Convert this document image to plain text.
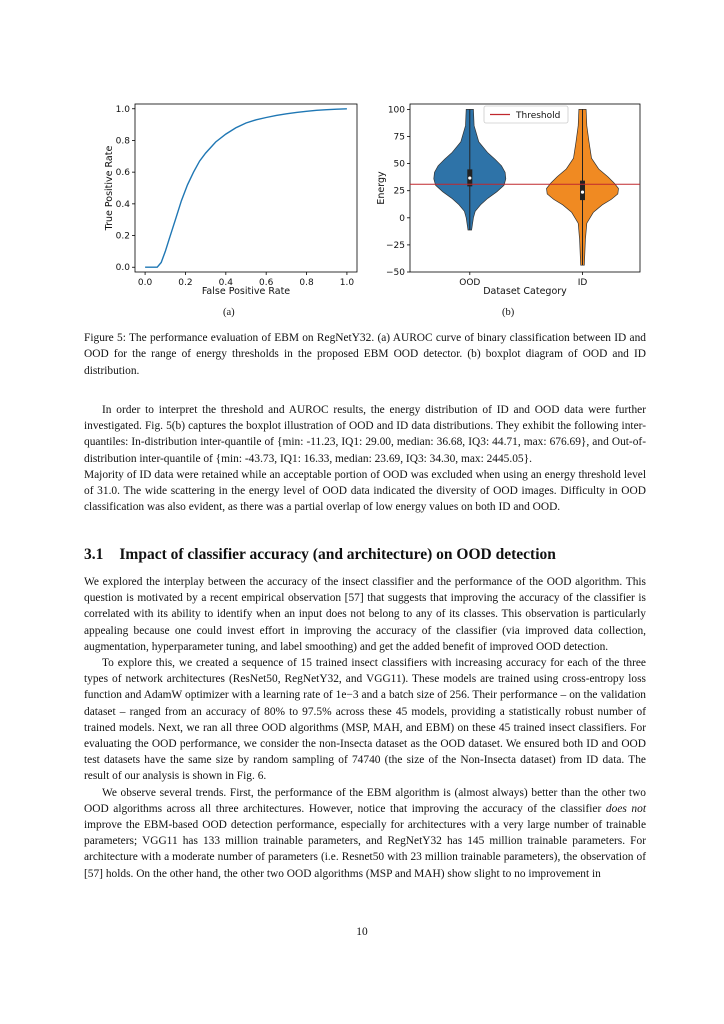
0.0	0.2	0.4	0.6	0.8	1.0
0.0
0.2
0.4
0.6
0.8
1.0
False Positive Rate
True Positive Rate
−50
−25
0
25
50
75
100
OOD	ID
Threshold
Dataset Category
Energy
(a)	(b)
Figure 5: The performance evaluation of EBM on RegNetY32. (a) AUROC curve of binary classification between ID and OOD for the range of energy thresholds in the proposed EBM OOD detector. (b) boxplot diagram of OOD and ID distribution.

In order to interpret the threshold and AUROC results, the energy distribution of ID and OOD data were further investigated. Fig. 5(b) captures the boxplot illustration of OOD and ID data distributions. They exhibit the following inter-quantiles: In-distribution inter-quantile of {min: -11.23, IQ1: 29.00, median: 36.68, IQ3: 44.71, max: 676.69}, and Out-of-distribution inter-quantile of {min: -43.73, IQ1: 16.33, median: 23.69, IQ3: 34.30, max: 2445.05}.

Majority of ID data were retained while an acceptable portion of OOD was excluded when using an energy threshold level of 31.0. The wide scattering in the energy level of OOD data indicated the diversity of OOD images. Difficulty in OOD classification was also evident, as there was a partial overlap of low energy values on both ID and OOD.

3.1 Impact of classifier accuracy (and architecture) on OOD detection

We explored the interplay between the accuracy of the insect classifier and the performance of the OOD algorithm. This question is motivated by a recent empirical observation [57] that suggests that improving the accuracy of the classifier is correlated with its ability to identify when an input does not belong to any of its classes. This observation is particularly appealing because one could invest effort in improving the accuracy of the classifier (via improved data collection, augmentation, hyperparameter tuning, and label smoothing) and get the added benefit of improved OOD detection.

To explore this, we created a sequence of 15 trained insect classifiers with increasing accuracy for each of the three types of network architectures (ResNet50, RegNetY32, and VGG11). These models are trained using cross-entropy loss function and AdamW optimizer with a learning rate of 1e−3 and a batch size of 256. Their performance – on the validation dataset – ranged from an accuracy of 80% to 97.5% across these 45 models, providing a statistically robust number of trained models. Next, we ran all three OOD algorithms (MSP, MAH, and EBM) on these 45 trained insect classifiers. For evaluating the OOD performance, we consider the non-Insecta dataset as the OOD dataset. We ensured both ID and OOD test datasets have the same size by random sampling of 74740 (the size of the Non-Insecta dataset) from ID data. The result of our analysis is shown in Fig. 6.

We observe several trends. First, the performance of the EBM algorithm is (almost always) better than the other two OOD algorithms across all three architectures. However, notice that improving the accuracy of the classifier does not improve the EBM-based OOD detection performance, especially for architectures with a very large number of trainable parameters; VGG11 has 133 million trainable parameters, and RegNetY32 has 145 million trainable parameters. For architecture with a moderate number of parameters (i.e. Resnet50 with 23 million trainable parameters), the observation of [57] holds. On the other hand, the other two OOD algorithms (MSP and MAH) show slight to no improvement in

10
